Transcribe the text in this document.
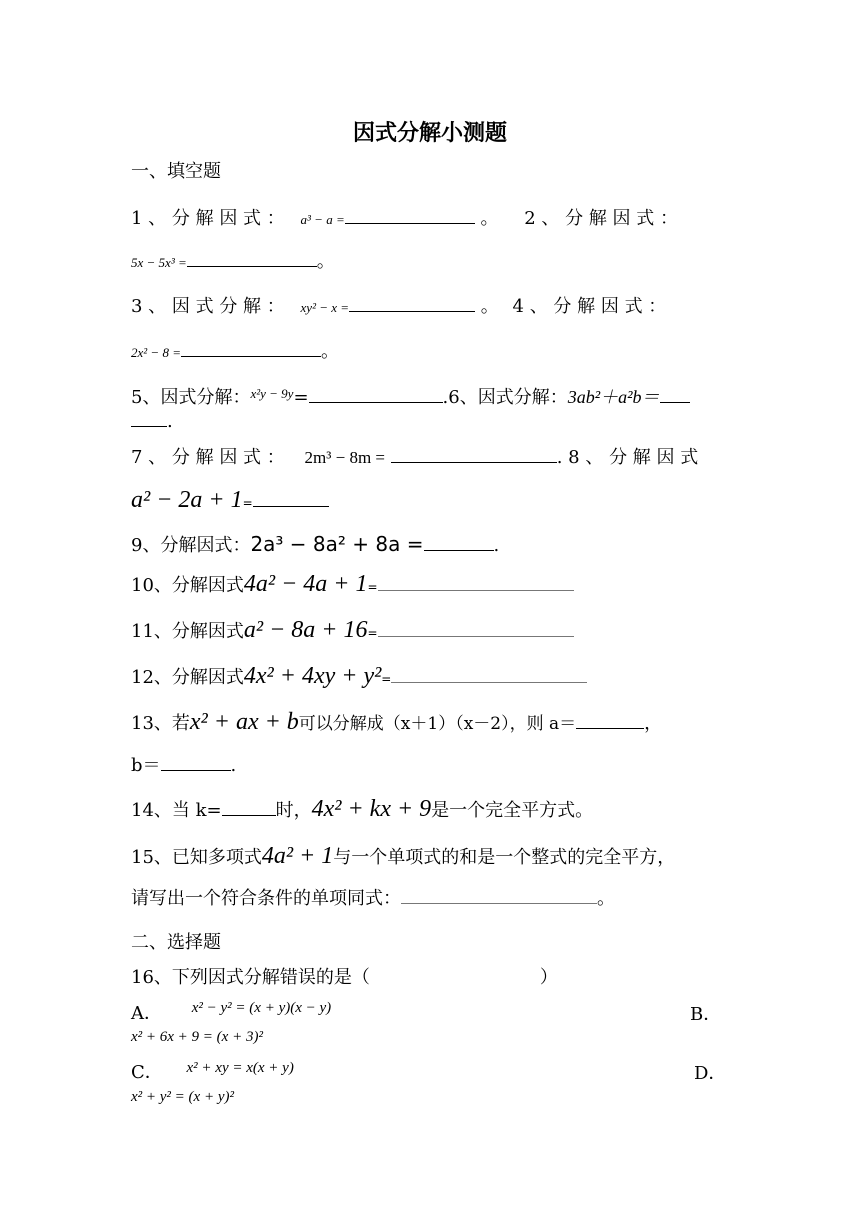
因式分解小测题
一、填空题
1 、 分 解 因 式 ： a³ − a =	。 2 、 分 解 因 式 ：
5x − 5x³ =	。
3 、 因 式 分 解 ： xy² − x =	。 4 、 分 解 因 式 ：
2x² − 8 =	。
5、因式分解：$^{x^2y - 9y}$=	.6、因式分解：3ab²＋a²b＝
.
7 、 分 解 因 式 ： 2m³ − 8m =	. 8 、 分 解 因 式
a² − 2a + 1=
9、分解因式：2a³ − 8a² + 8a =	.
10、分解因式4a² − 4a + 1=
11、分解因式a² − 8a + 16=
12、分解因式4x² + 4xy + y²=
13、若x² + ax + b可以分解成（x＋1）（x－2），则 a＝	，
b＝	.
14、当 k=	时，4x² + kx + 9是一个完全平方式。
15、已知多项式4a² + 1与一个单项式的和是一个整式的完全平方，
请写出一个符合条件的单项同式：	。
二、选择题
16、下列因式分解错误的是（	）
A． $^{x^2 - y^2 = (x + y)(x - y)}$	B．
x² + 6x + 9 = (x + 3)²
C． $^{x^2 + xy = x(x + y)}$	D．
x² + y² = (x + y)²
